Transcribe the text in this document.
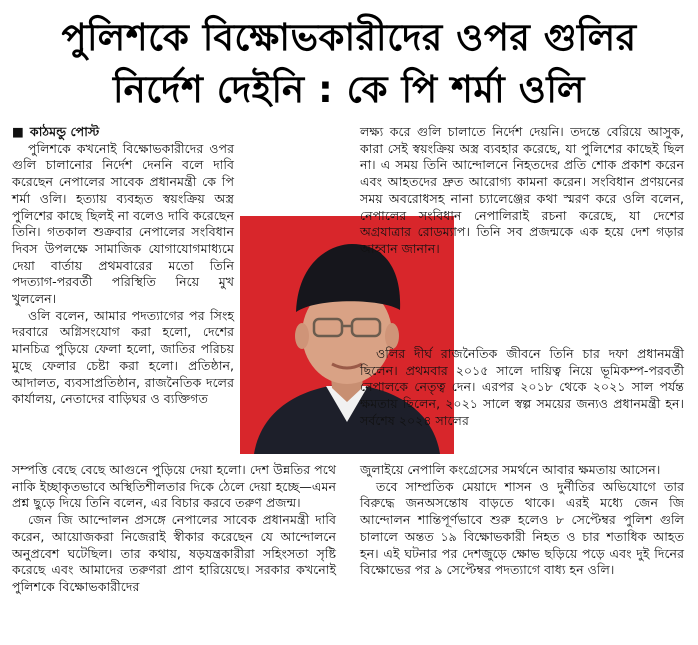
পুলিশকে বিক্ষোভকারীদের ওপর গুলির
নির্দেশ দেইনি : কে পি শর্মা ওলি

■ কাঠমন্ডু পোস্ট

পুলিশকে কখনোই বিক্ষোভকারীদের ওপর গুলি চালানোর নির্দেশ দেননি বলে দাবি করেছেন নেপালের সাবেক প্রধানমন্ত্রী কে পি শর্মা ওলি। হত্যায় ব্যবহৃত স্বয়ংক্রিয় অস্ত্র পুলিশের কাছে ছিলই না বলেও দাবি করেছেন তিনি। গতকাল শুক্রবার নেপালের সংবিধান দিবস উপলক্ষে সামাজিক যোগাযোগমাধ্যমে দেয়া বার্তায় প্রথমবারের মতো তিনি পদত্যাগ-পরবর্তী পরিস্থিতি নিয়ে মুখ খুললেন।

ওলি বলেন, আমার পদত্যাগের পর সিংহ দরবারে অগ্নিসংযোগ করা হলো, দেশের মানচিত্র পুড়িয়ে ফেলা হলো, জাতির পরিচয় মুছে ফেলার চেষ্টা করা হলো। প্রতিষ্ঠান, আদালত, ব্যবসাপ্রতিষ্ঠান, রাজনৈতিক দলের কার্যালয়, নেতাদের বাড়িঘর ও ব্যক্তিগত

লক্ষ্য করে গুলি চালাতে নির্দেশ দেয়নি। তদন্তে বেরিয়ে আসুক, কারা সেই স্বয়ংক্রিয় অস্ত্র ব্যবহার করেছে, যা পুলিশের কাছেই ছিল না। এ সময় তিনি আন্দোলনে নিহতদের প্রতি শোক প্রকাশ করেন এবং আহতদের দ্রুত আরোগ্য কামনা করেন। সংবিধান প্রণয়নের সময় অবরোধসহ নানা চ্যালেঞ্জের কথা স্মরণ করে ওলি বলেন, নেপালের সংবিধান নেপালিরাই রচনা করেছে, যা দেশের অগ্রযাত্রার রোডম্যাপ। তিনি সব প্রজন্মকে এক হয়ে দেশ গড়ার আহ্বান জানান।

ওলির দীর্ঘ রাজনৈতিক জীবনে তিনি চার দফা প্রধানমন্ত্রী ছিলেন। প্রথমবার ২০১৫ সালে দায়িত্ব নিয়ে ভূমিকম্প-পরবর্তী নেপালকে নেতৃত্ব দেন। এরপর ২০১৮ থেকে ২০২১ সাল পর্যন্ত ক্ষমতায় ছিলেন, ২০২১ সালে স্বল্প সময়ের জন্যও প্রধানমন্ত্রী হন। সর্বশেষ ২০২৪ সালের

সম্পত্তি বেছে বেছে আগুনে পুড়িয়ে দেয়া হলো। দেশ উন্নতির পথে নাকি ইচ্ছাকৃতভাবে অস্থিতিশীলতার দিকে ঠেলে দেয়া হচ্ছে—এমন প্রশ্ন ছুড়ে দিয়ে তিনি বলেন, এর বিচার করবে তরুণ প্রজন্ম।

জেন জি আন্দোলন প্রসঙ্গে নেপালের সাবেক প্রধানমন্ত্রী দাবি করেন, আয়োজকরা নিজেরাই স্বীকার করেছেন যে আন্দোলনে অনুপ্রবেশ ঘটেছিল। তার কথায়, ষড়যন্ত্রকারীরা সহিংসতা সৃষ্টি করেছে এবং আমাদের তরুণরা প্রাণ হারিয়েছে। সরকার কখনোই পুলিশকে বিক্ষোভকারীদের

জুলাইয়ে নেপালি কংগ্রেসের সমর্থনে আবার ক্ষমতায় আসেন।

তবে সাম্প্রতিক মেয়াদে শাসন ও দুর্নীতির অভিযোগে তার বিরুদ্ধে জনঅসন্তোষ বাড়তে থাকে। এরই মধ্যে জেন জি আন্দোলন শান্তিপূর্ণভাবে শুরু হলেও ৮ সেপ্টেম্বর পুলিশ গুলি চালালে অন্তত ১৯ বিক্ষোভকারী নিহত ও চার শতাধিক আহত হন। এই ঘটনার পর দেশজুড়ে ক্ষোভ ছড়িয়ে পড়ে এবং দুই দিনের বিক্ষোভের পর ৯ সেপ্টেম্বর পদত্যাগে বাধ্য হন ওলি।
